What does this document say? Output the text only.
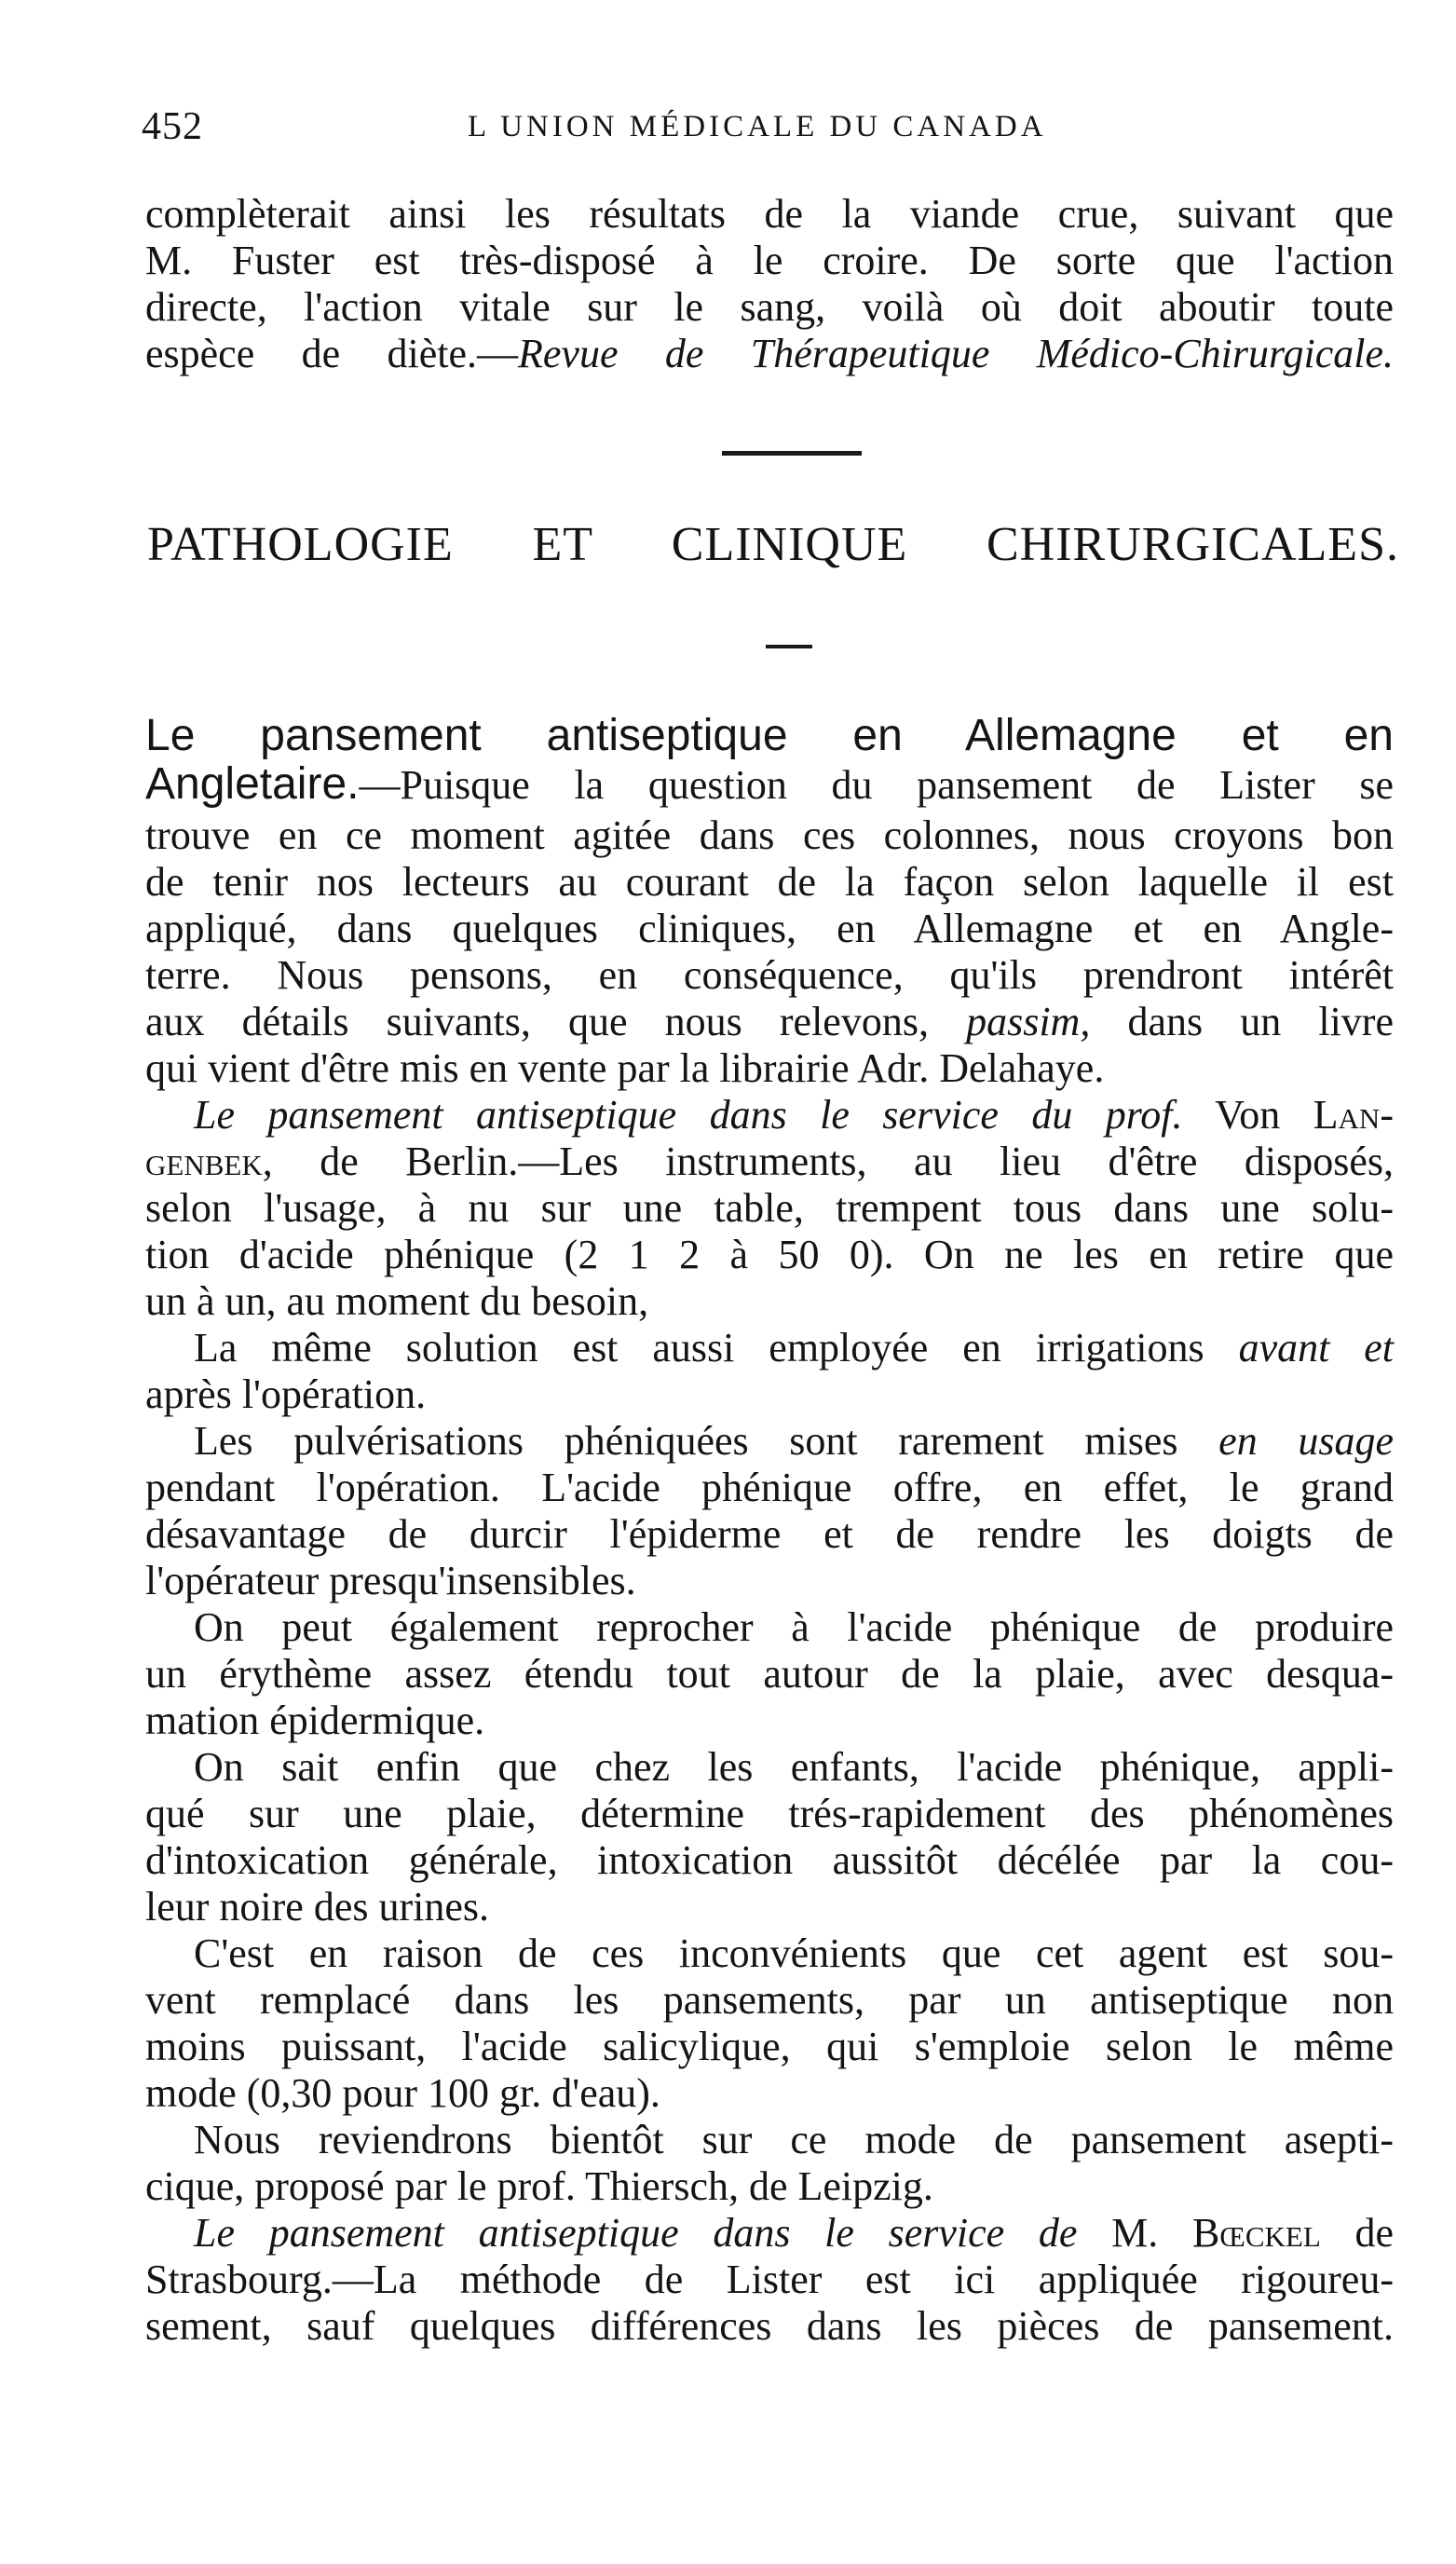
452	L UNION MÉDICALE DU CANADA
complèterait ainsi les résultats de la viande crue, suivant que
M. Fuster est très-disposé à le croire. De sorte que l'action
directe, l'action vitale sur le sang, voilà où doit aboutir toute
espèce de diète.—Revue de Thérapeutique Médico-Chirurgicale.
PATHOLOGIE ET CLINIQUE CHIRURGICALES.
Le pansement antiseptique en Allemagne et en
Angletaire.—Puisque la question du pansement de Lister se
trouve en ce moment agitée dans ces colonnes, nous croyons bon
de tenir nos lecteurs au courant de la façon selon laquelle il est
appliqué, dans quelques cliniques, en Allemagne et en Angle-
terre. Nous pensons, en conséquence, qu'ils prendront intérêt
aux détails suivants, que nous relevons, passim, dans un livre
qui vient d'être mis en vente par la librairie Adr. Delahaye.
Le pansement antiseptique dans le service du prof. Von Lan-
genbek, de Berlin.—Les instruments, au lieu d'être disposés,
selon l'usage, à nu sur une table, trempent tous dans une solu-
tion d'acide phénique (2 1 2 à 50 0). On ne les en retire que
un à un, au moment du besoin,
La même solution est aussi employée en irrigations avant et
après l'opération.
Les pulvérisations phéniquées sont rarement mises en usage
pendant l'opération. L'acide phénique offre, en effet, le grand
désavantage de durcir l'épiderme et de rendre les doigts de
l'opérateur presqu'insensibles.
On peut également reprocher à l'acide phénique de produire
un érythème assez étendu tout autour de la plaie, avec desqua-
mation épidermique.
On sait enfin que chez les enfants, l'acide phénique, appli-
qué sur une plaie, détermine trés-rapidement des phénomènes
d'intoxication générale, intoxication aussitôt décélée par la cou-
leur noire des urines.
C'est en raison de ces inconvénients que cet agent est sou-
vent remplacé dans les pansements, par un antiseptique non
moins puissant, l'acide salicylique, qui s'emploie selon le même
mode (0,30 pour 100 gr. d'eau).
Nous reviendrons bientôt sur ce mode de pansement asepti-
cique, proposé par le prof. Thiersch, de Leipzig.
Le pansement antiseptique dans le service de M. Bœckel de
Strasbourg.—La méthode de Lister est ici appliquée rigoureu-
sement, sauf quelques différences dans les pièces de pansement.
